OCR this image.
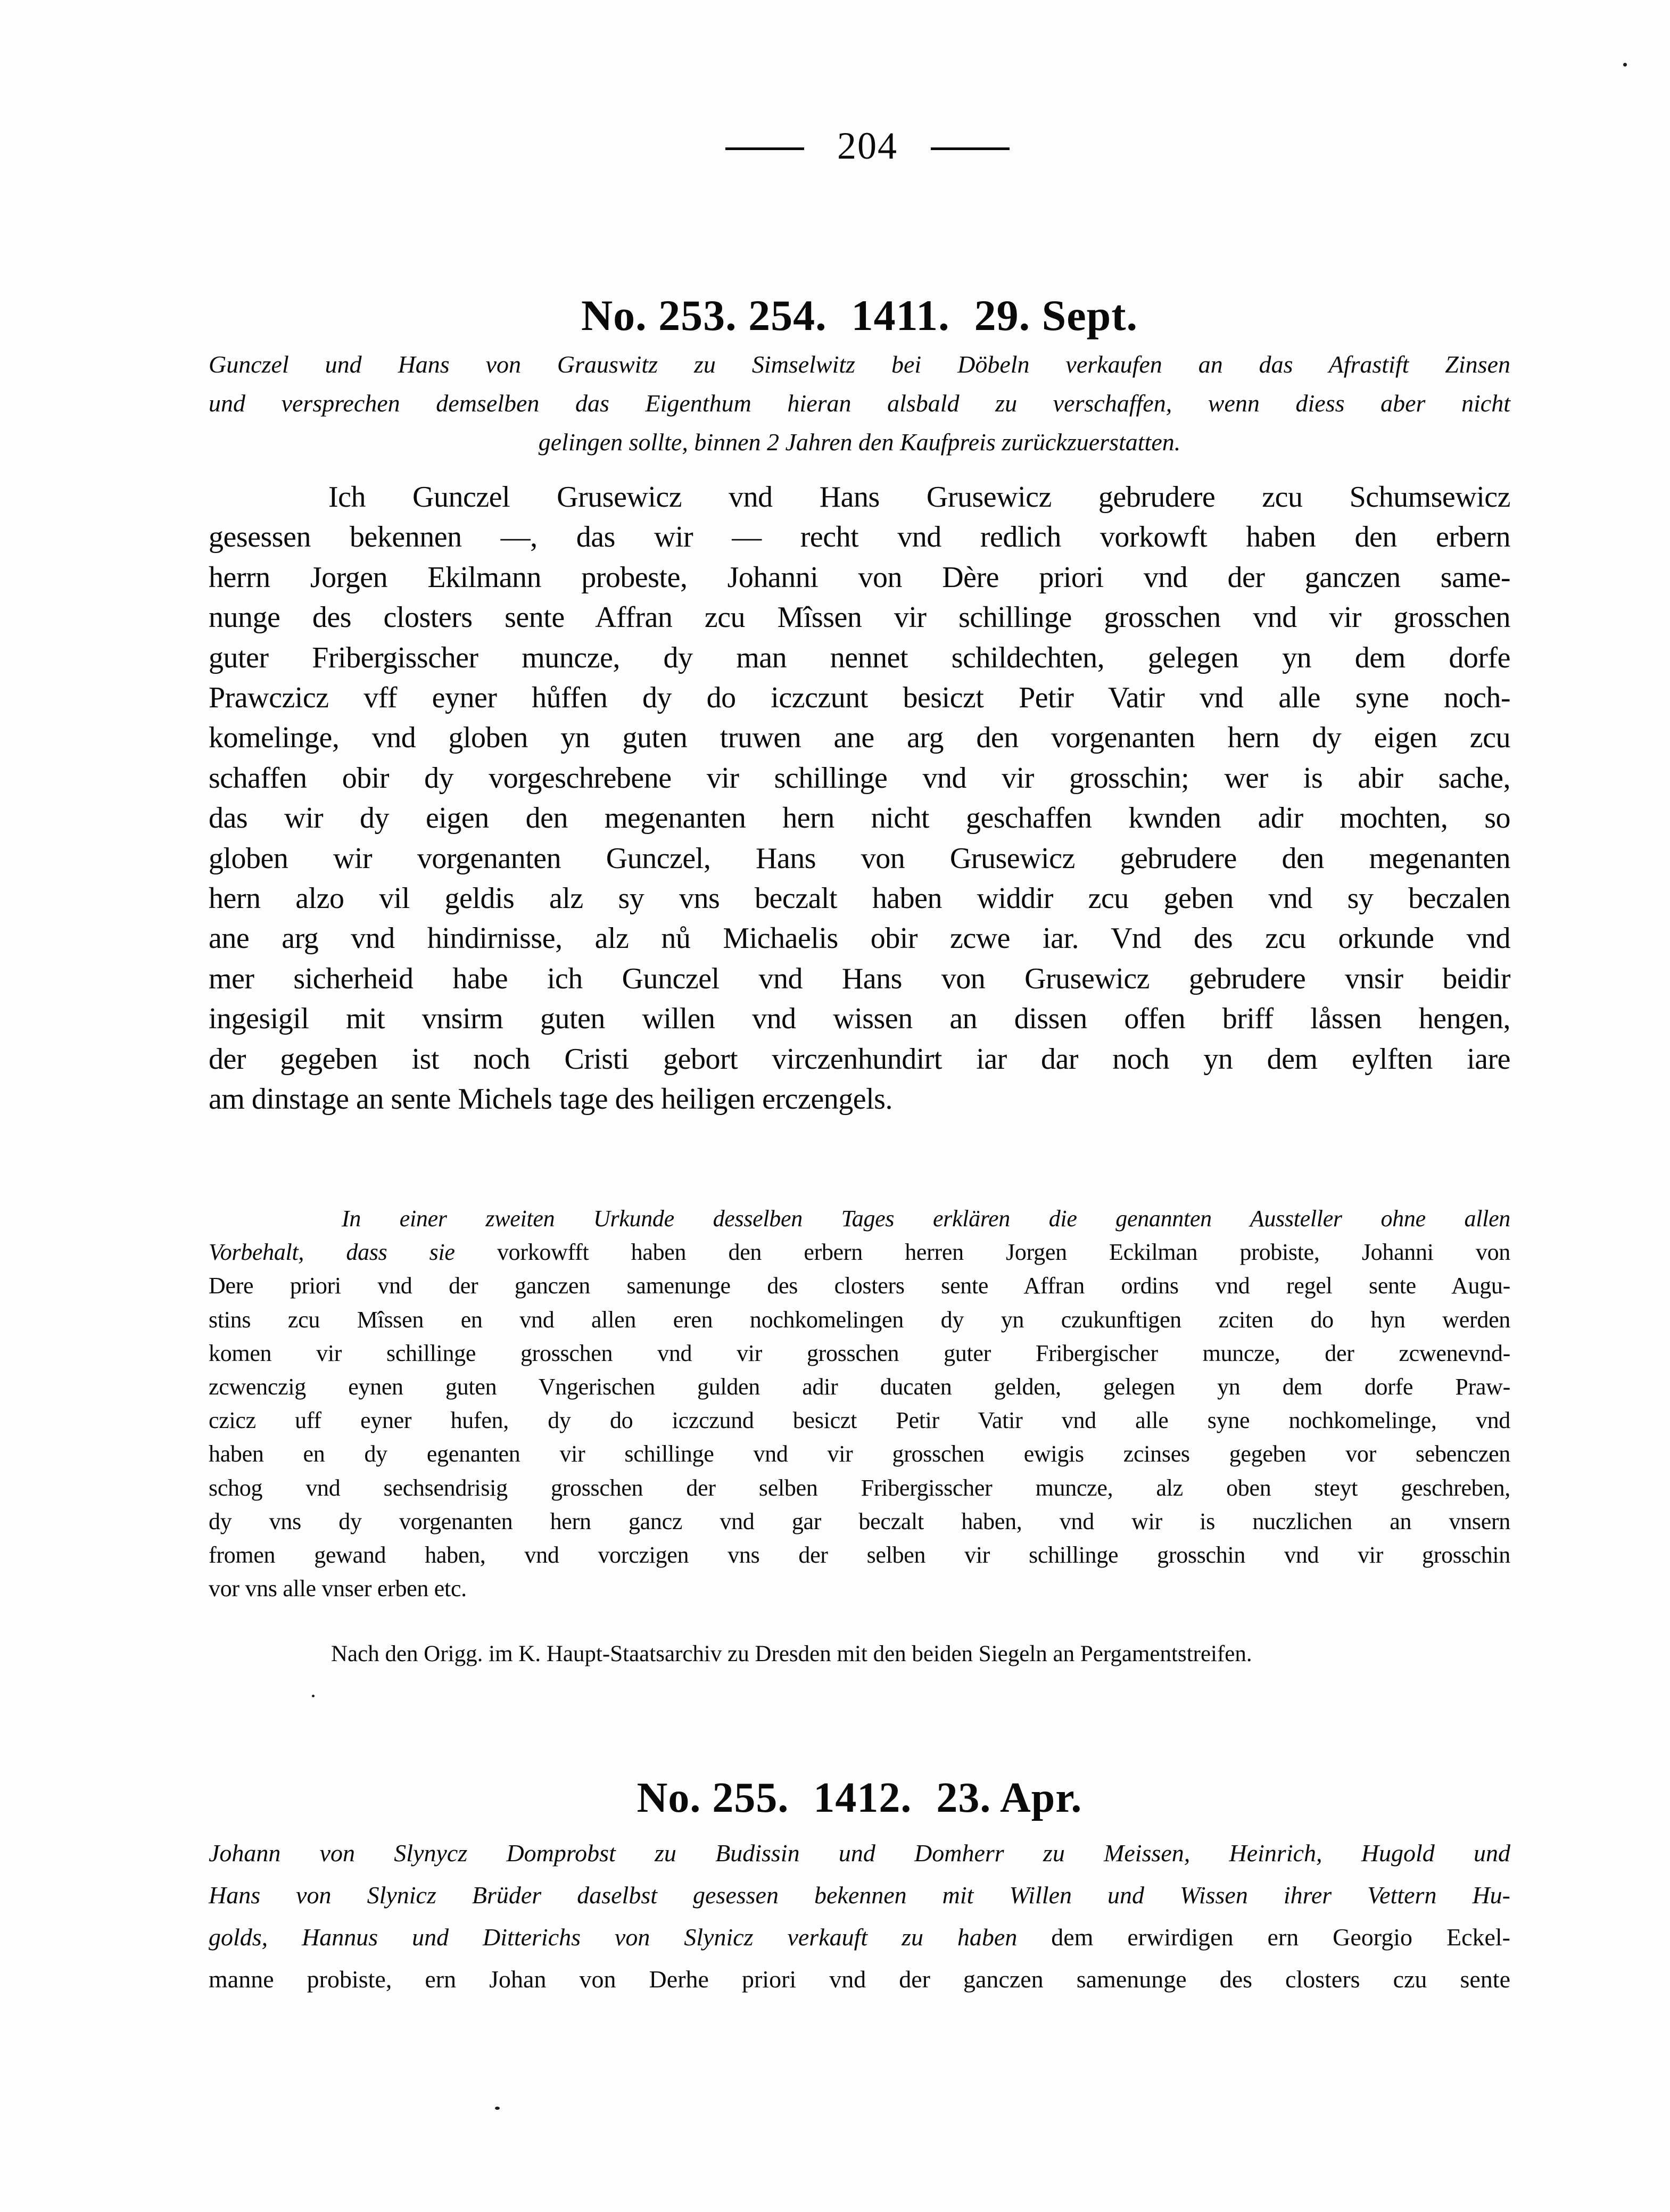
204
No. 253. 254. 1411. 29. Sept.
Gunczel und Hans von Grauswitz zu Simselwitz bei Döbeln verkaufen an das Afrastift Zinsen
und versprechen demselben das Eigenthum hieran alsbald zu verschaffen, wenn diess aber nicht
gelingen sollte, binnen 2 Jahren den Kaufpreis zurückzuerstatten.
Ich Gunczel Grusewicz vnd Hans Grusewicz gebrudere zcu Schumsewicz
gesessen bekennen —, das wir — recht vnd redlich vorkowft haben den erbern
herrn Jorgen Ekilmann probeste, Johanni von Dère priori vnd der ganczen same-
nunge des closters sente Affran zcu Mîssen vir schillinge grosschen vnd vir grosschen
guter Fribergisscher muncze, dy man nennet schildechten, gelegen yn dem dorfe
Prawczicz vff eyner hůffen dy do iczczunt besiczt Petir Vatir vnd alle syne noch-
komelinge, vnd globen yn guten truwen ane arg den vorgenanten hern dy eigen zcu
schaffen obir dy vorgeschrebene vir schillinge vnd vir grosschin; wer is abir sache,
das wir dy eigen den megenanten hern nicht geschaffen kwnden adir mochten, so
globen wir vorgenanten Gunczel, Hans von Grusewicz gebrudere den megenanten
hern alzo vil geldis alz sy vns beczalt haben widdir zcu geben vnd sy beczalen
ane arg vnd hindirnisse, alz nů Michaelis obir zcwe iar. Vnd des zcu orkunde vnd
mer sicherheid habe ich Gunczel vnd Hans von Grusewicz gebrudere vnsir beidir
ingesigil mit vnsirm guten willen vnd wissen an dissen offen briff låssen hengen,
der gegeben ist noch Cristi gebort virczenhundirt iar dar noch yn dem eylften iare
am dinstage an sente Michels tage des heiligen erczengels.
In einer zweiten Urkunde desselben Tages erklären die genannten Aussteller ohne allen
Vorbehalt, dass sie vorkowfft haben den erbern herren Jorgen Eckilman probiste, Johanni von
Dere priori vnd der ganczen samenunge des closters sente Affran ordins vnd regel sente Augu-
stins zcu Mîssen en vnd allen eren nochkomelingen dy yn czukunftigen zciten do hyn werden
komen vir schillinge grosschen vnd vir grosschen guter Fribergischer muncze, der zcwenevnd-
zcwenczig eynen guten Vngerischen gulden adir ducaten gelden, gelegen yn dem dorfe Praw-
czicz uff eyner hufen, dy do iczczund besiczt Petir Vatir vnd alle syne nochkomelinge, vnd
haben en dy egenanten vir schillinge vnd vir grosschen ewigis zcinses gegeben vor sebenczen
schog vnd sechsendrisig grosschen der selben Fribergisscher muncze, alz oben steyt geschreben,
dy vns dy vorgenanten hern gancz vnd gar beczalt haben, vnd wir is nuczlichen an vnsern
fromen gewand haben, vnd vorczigen vns der selben vir schillinge grosschin vnd vir grosschin
vor vns alle vnser erben etc.
Nach den Origg. im K. Haupt-Staatsarchiv zu Dresden mit den beiden Siegeln an Pergamentstreifen.
No. 255. 1412. 23. Apr.
Johann von Slynycz Domprobst zu Budissin und Domherr zu Meissen, Heinrich, Hugold und
Hans von Slynicz Brüder daselbst gesessen bekennen mit Willen und Wissen ihrer Vettern Hu-
golds, Hannus und Ditterichs von Slynicz verkauft zu haben dem erwirdigen ern Georgio Eckel-
manne probiste, ern Johan von Derhe priori vnd der ganczen samenunge des closters czu sente
